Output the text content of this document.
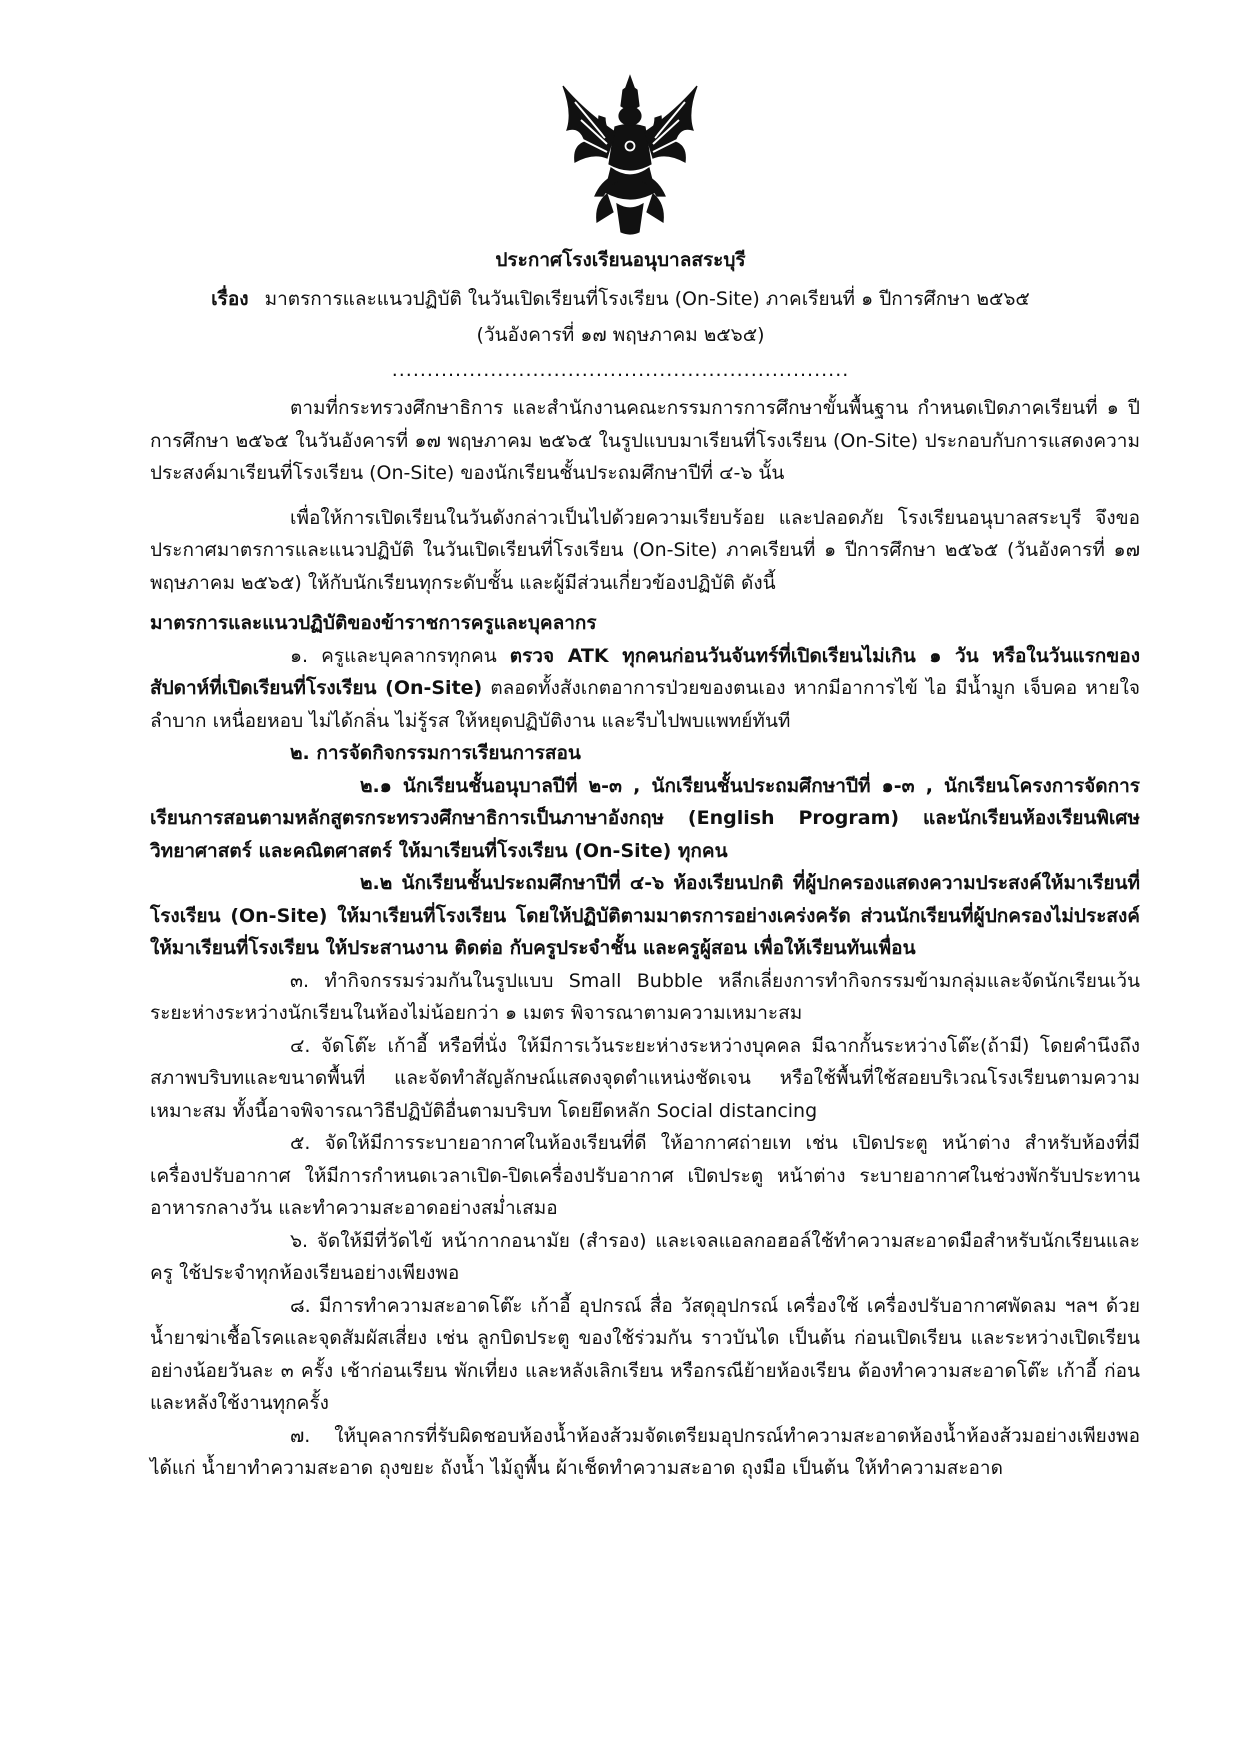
ประกาศโรงเรียนอนุบาลสระบุรี
เรื่อง มาตรการและแนวปฏิบัติ ในวันเปิดเรียนที่โรงเรียน (On-Site) ภาคเรียนที่ ๑ ปีการศึกษา ๒๕๖๕
(วันอังคารที่ ๑๗ พฤษภาคม ๒๕๖๕)
.................................................................

ตามที่กระทรวงศึกษาธิการ และสำนักงานคณะกรรมการการศึกษาขั้นพื้นฐาน กำหนดเปิดภาคเรียนที่ ๑ ปีการศึกษา ๒๕๖๕ ในวันอังคารที่ ๑๗ พฤษภาคม ๒๕๖๕ ในรูปแบบมาเรียนที่โรงเรียน (On-Site) ประกอบกับการแสดงความประสงค์มาเรียนที่โรงเรียน (On-Site) ของนักเรียนชั้นประถมศึกษาปีที่ ๔-๖ นั้น

เพื่อให้การเปิดเรียนในวันดังกล่าวเป็นไปด้วยความเรียบร้อย และปลอดภัย โรงเรียนอนุบาลสระบุรี จึงขอประกาศมาตรการและแนวปฏิบัติ ในวันเปิดเรียนที่โรงเรียน (On-Site) ภาคเรียนที่ ๑ ปีการศึกษา ๒๕๖๕ (วันอังคารที่ ๑๗ พฤษภาคม ๒๕๖๕) ให้กับนักเรียนทุกระดับชั้น และผู้มีส่วนเกี่ยวข้องปฏิบัติ ดังนี้

มาตรการและแนวปฏิบัติของข้าราชการครูและบุคลากร

๑. ครูและบุคลากรทุกคน ตรวจ ATK ทุกคนก่อนวันจันทร์ที่เปิดเรียนไม่เกิน ๑ วัน หรือในวันแรกของสัปดาห์ที่เปิดเรียนที่โรงเรียน (On-Site) ตลอดทั้งสังเกตอาการป่วยของตนเอง หากมีอาการไข้ ไอ มีน้ำมูก เจ็บคอ หายใจลำบาก เหนื่อยหอบ ไม่ได้กลิ่น ไม่รู้รส ให้หยุดปฏิบัติงาน และรีบไปพบแพทย์ทันที

๒. การจัดกิจกรรมการเรียนการสอน

๒.๑ นักเรียนชั้นอนุบาลปีที่ ๒-๓ , นักเรียนชั้นประถมศึกษาปีที่ ๑-๓ , นักเรียนโครงการจัดการเรียนการสอนตามหลักสูตรกระทรวงศึกษาธิการเป็นภาษาอังกฤษ (English Program) และนักเรียนห้องเรียนพิเศษวิทยาศาสตร์ และคณิตศาสตร์ ให้มาเรียนที่โรงเรียน (On-Site) ทุกคน

๒.๒ นักเรียนชั้นประถมศึกษาปีที่ ๔-๖ ห้องเรียนปกติ ที่ผู้ปกครองแสดงความประสงค์ให้มาเรียนที่โรงเรียน (On-Site) ให้มาเรียนที่โรงเรียน โดยให้ปฏิบัติตามมาตรการอย่างเคร่งครัด ส่วนนักเรียนที่ผู้ปกครองไม่ประสงค์ให้มาเรียนที่โรงเรียน ให้ประสานงาน ติดต่อ กับครูประจำชั้น และครูผู้สอน เพื่อให้เรียนทันเพื่อน

๓. ทำกิจกรรมร่วมกันในรูปแบบ Small Bubble หลีกเลี่ยงการทำกิจกรรมข้ามกลุ่มและจัดนักเรียนเว้นระยะห่างระหว่างนักเรียนในห้องไม่น้อยกว่า ๑ เมตร พิจารณาตามความเหมาะสม

๔. จัดโต๊ะ เก้าอี้ หรือที่นั่ง ให้มีการเว้นระยะห่างระหว่างบุคคล มีฉากกั้นระหว่างโต๊ะ(ถ้ามี) โดยคำนึงถึงสภาพบริบทและขนาดพื้นที่ และจัดทำสัญลักษณ์แสดงจุดตำแหน่งชัดเจน หรือใช้พื้นที่ใช้สอยบริเวณโรงเรียนตามความเหมาะสม ทั้งนี้อาจพิจารณาวิธีปฏิบัติอื่นตามบริบท โดยยึดหลัก Social distancing

๕. จัดให้มีการระบายอากาศในห้องเรียนที่ดี ให้อากาศถ่ายเท เช่น เปิดประตู หน้าต่าง สำหรับห้องที่มีเครื่องปรับอากาศ ให้มีการกำหนดเวลาเปิด-ปิดเครื่องปรับอากาศ เปิดประตู หน้าต่าง ระบายอากาศในช่วงพักรับประทานอาหารกลางวัน และทำความสะอาดอย่างสม่ำเสมอ

๖. จัดให้มีที่วัดไข้ หน้ากากอนามัย (สำรอง) และเจลแอลกอฮอล์ใช้ทำความสะอาดมือสำหรับนักเรียนและครู ใช้ประจำทุกห้องเรียนอย่างเพียงพอ

๘. มีการทำความสะอาดโต๊ะ เก้าอี้ อุปกรณ์ สื่อ วัสดุอุปกรณ์ เครื่องใช้ เครื่องปรับอากาศพัดลม ฯลฯ ด้วยน้ำยาฆ่าเชื้อโรคและจุดสัมผัสเสี่ยง เช่น ลูกบิดประตู ของใช้ร่วมกัน ราวบันได เป็นต้น ก่อนเปิดเรียน และระหว่างเปิดเรียนอย่างน้อยวันละ ๓ ครั้ง เช้าก่อนเรียน พักเที่ยง และหลังเลิกเรียน หรือกรณีย้ายห้องเรียน ต้องทำความสะอาดโต๊ะ เก้าอี้ ก่อนและหลังใช้งานทุกครั้ง

๗. ให้บุคลากรที่รับผิดชอบห้องน้ำห้องส้วมจัดเตรียมอุปกรณ์ทำความสะอาดห้องน้ำห้องส้วมอย่างเพียงพอ ได้แก่ น้ำยาทำความสะอาด ถุงขยะ ถังน้ำ ไม้ถูพื้น ผ้าเช็ดทำความสะอาด ถุงมือ เป็นต้น ให้ทำความสะอาด
